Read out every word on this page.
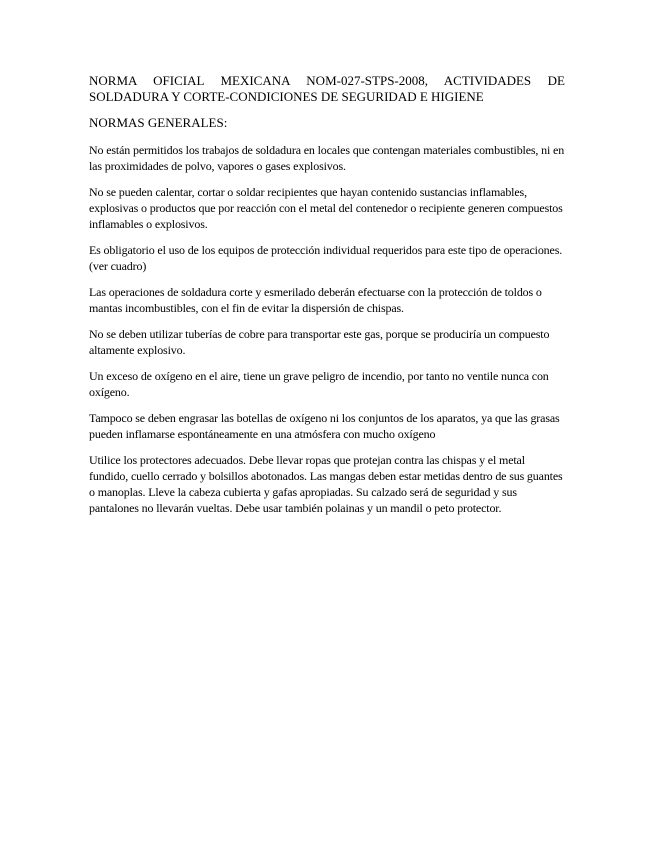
NORMA OFICIAL MEXICANA NOM-027-STPS-2008, ACTIVIDADES DE
SOLDADURA Y CORTE-CONDICIONES DE SEGURIDAD E HIGIENE
NORMAS GENERALES:

No están permitidos los trabajos de soldadura en locales que contengan materiales combustibles, ni en las proximidades de polvo, vapores o gases explosivos.

No se pueden calentar, cortar o soldar recipientes que hayan contenido sustancias inflamables, explosivas o productos que por reacción con el metal del contenedor o recipiente generen compuestos inflamables o explosivos.

Es obligatorio el uso de los equipos de protección individual requeridos para este tipo de operaciones. (ver cuadro)

Las operaciones de soldadura corte y esmerilado deberán efectuarse con la protección de toldos o mantas incombustibles, con el fin de evitar la dispersión de chispas.

No se deben utilizar tuberías de cobre para transportar este gas, porque se produciría un compuesto altamente explosivo.

Un exceso de oxígeno en el aire, tiene un grave peligro de incendio, por tanto no ventile nunca con oxígeno.

Tampoco se deben engrasar las botellas de oxígeno ni los conjuntos de los aparatos, ya que las grasas pueden inflamarse espontáneamente en una atmósfera con mucho oxígeno

Utilice los protectores adecuados. Debe llevar ropas que protejan contra las chispas y el metal fundido, cuello cerrado y bolsillos abotonados. Las mangas deben estar metidas dentro de sus guantes o manoplas. Lleve la cabeza cubierta y gafas apropiadas. Su calzado será de seguridad y sus pantalones no llevarán vueltas. Debe usar también polainas y un mandil o peto protector.
